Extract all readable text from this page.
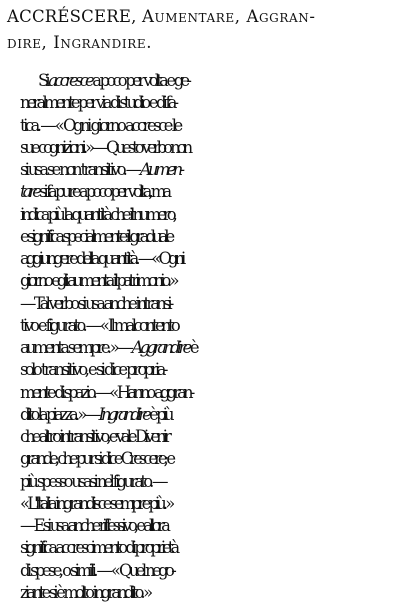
ACCRÉSCERE, Aumentare, Aggran-
dire, Ingrandire.
Si accresce a poco per volta e ge-
neralmente per via di studio e di fa-
tica. — « Ogni giorno accresce le
sue cognizioni. » — Questo verbo non
si usa se non transitivo. — Aumen-
tare si fa pure a poco per volta, ma
indica più la quantità che il numero,
e significa specialmente il graduale
aggiungere della quantità. — « Ogni
giorno egli aumenta il patrimonio. »
— Tal verbo si usa anche intransi-
tivo e figurato. — « Il malcontento
aumenta sempre. » — Aggrandire è
solo transitivo, e si dice propria-
mente di spazio. — « Hanno aggran-
dito la piazza. » — Ingrandire è più
che altro intransitivo, e vale Divenir
grande, che pur si dice Crescere; e
più spesso usasi nel figurato. —
« L'Italia ingrandisce sempre più. »
— E si usa anche riflessivo, e allora
significa accrescimento di proprietà
di spese, o simili. — « Quel nego-
ziante si è molto ingrandito. »
